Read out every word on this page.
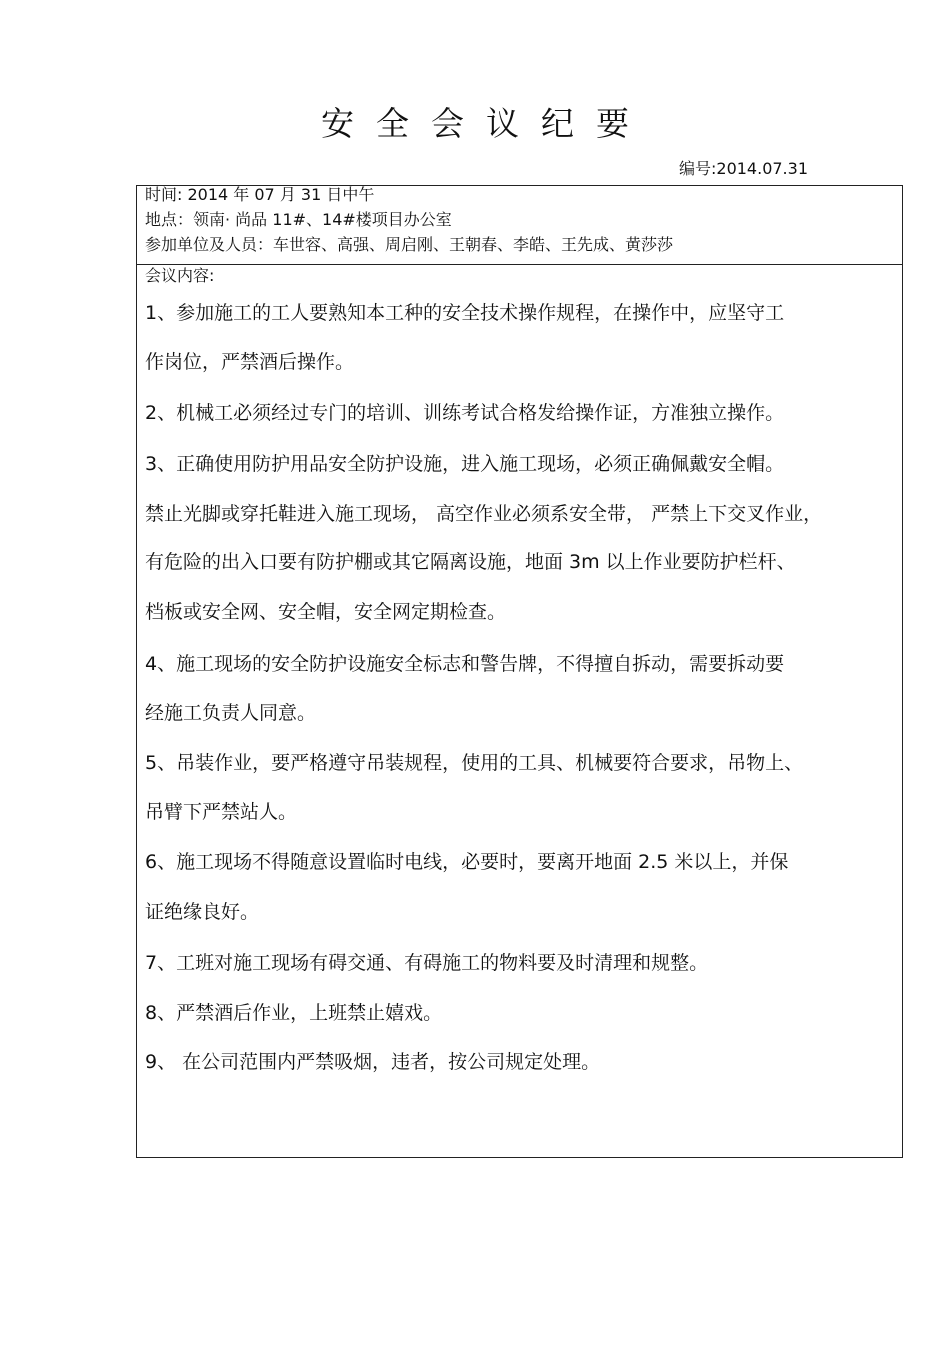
安全会议纪要
编号:2014.07.31
时间: 2014 年 07 月 31 日中午
地点：领南· 尚品 11#、14#楼项目办公室
参加单位及人员：车世容、高强、周启刚、王朝春、李皓、王先成、黄莎莎
会议内容:
1、参加施工的工人要熟知本工种的安全技术操作规程，在操作中，应坚守工
作岗位，严禁酒后操作。
2、机械工必须经过专门的培训、训练考试合格发给操作证，方准独立操作。
3、正确使用防护用品安全防护设施，进入施工现场，必须正确佩戴安全帽。
禁止光脚或穿托鞋进入施工现场， 高空作业必须系安全带， 严禁上下交叉作业，
有危险的出入口要有防护棚或其它隔离设施，地面 3m 以上作业要防护栏杆、
档板或安全网、安全帽，安全网定期检查。
4、施工现场的安全防护设施安全标志和警告牌，不得擅自拆动，需要拆动要
经施工负责人同意。
5、吊装作业，要严格遵守吊装规程，使用的工具、机械要符合要求，吊物上、
吊臂下严禁站人。
6、施工现场不得随意设置临时电线，必要时，要离开地面 2.5 米以上，并保
证绝缘良好。
7、工班对施工现场有碍交通、有碍施工的物料要及时清理和规整。
8、严禁酒后作业，上班禁止嬉戏。
9、 在公司范围内严禁吸烟，违者，按公司规定处理。
